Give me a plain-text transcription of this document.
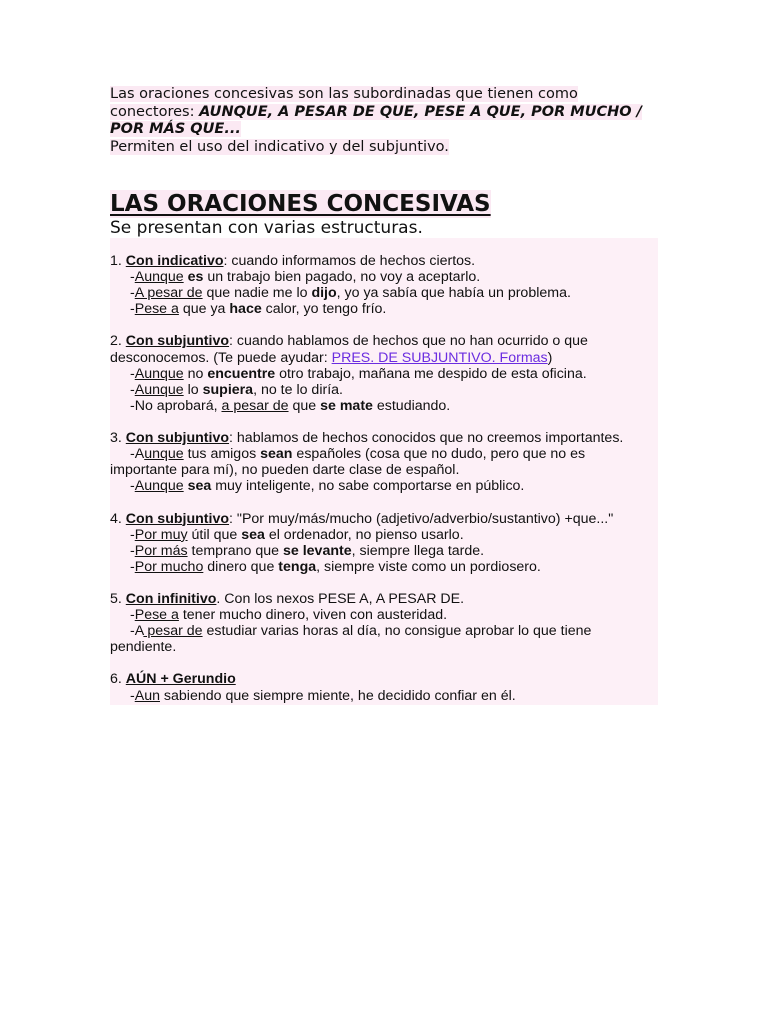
Las oraciones concesivas son las subordinadas que tienen como conectores: AUNQUE, A PESAR DE QUE, PESE A QUE, POR MUCHO / POR MÁS QUE...
Permiten el uso del indicativo y del subjuntivo.
LAS ORACIONES CONCESIVAS
Se presentan con varias estructuras.
1. Con indicativo: cuando informamos de hechos ciertos.
-Aunque es un trabajo bien pagado, no voy a aceptarlo.
-A pesar de que nadie me lo dijo, yo ya sabía que había un problema.
-Pese a que ya hace calor, yo tengo frío.
2. Con subjuntivo: cuando hablamos de hechos que no han ocurrido o que
desconocemos. (Te puede ayudar: PRES. DE SUBJUNTIVO. Formas)
-Aunque no encuentre otro trabajo, mañana me despido de esta oficina.
-Aunque lo supiera, no te lo diría.
-No aprobará, a pesar de que se mate estudiando.
3. Con subjuntivo: hablamos de hechos conocidos que no creemos importantes.
-Aunque tus amigos sean españoles (cosa que no dudo, pero que no es
importante para mí), no pueden darte clase de español.
-Aunque sea muy inteligente, no sabe comportarse en público.
4. Con subjuntivo: "Por muy/más/mucho (adjetivo/adverbio/sustantivo) +que..."
-Por muy útil que sea el ordenador, no pienso usarlo.
-Por más temprano que se levante, siempre llega tarde.
-Por mucho dinero que tenga, siempre viste como un pordiosero.
5. Con infinitivo. Con los nexos PESE A, A PESAR DE.
-Pese a tener mucho dinero, viven con austeridad.
-A pesar de estudiar varias horas al día, no consigue aprobar lo que tiene
pendiente.
6. AÚN + Gerundio
-Aun sabiendo que siempre miente, he decidido confiar en él.
